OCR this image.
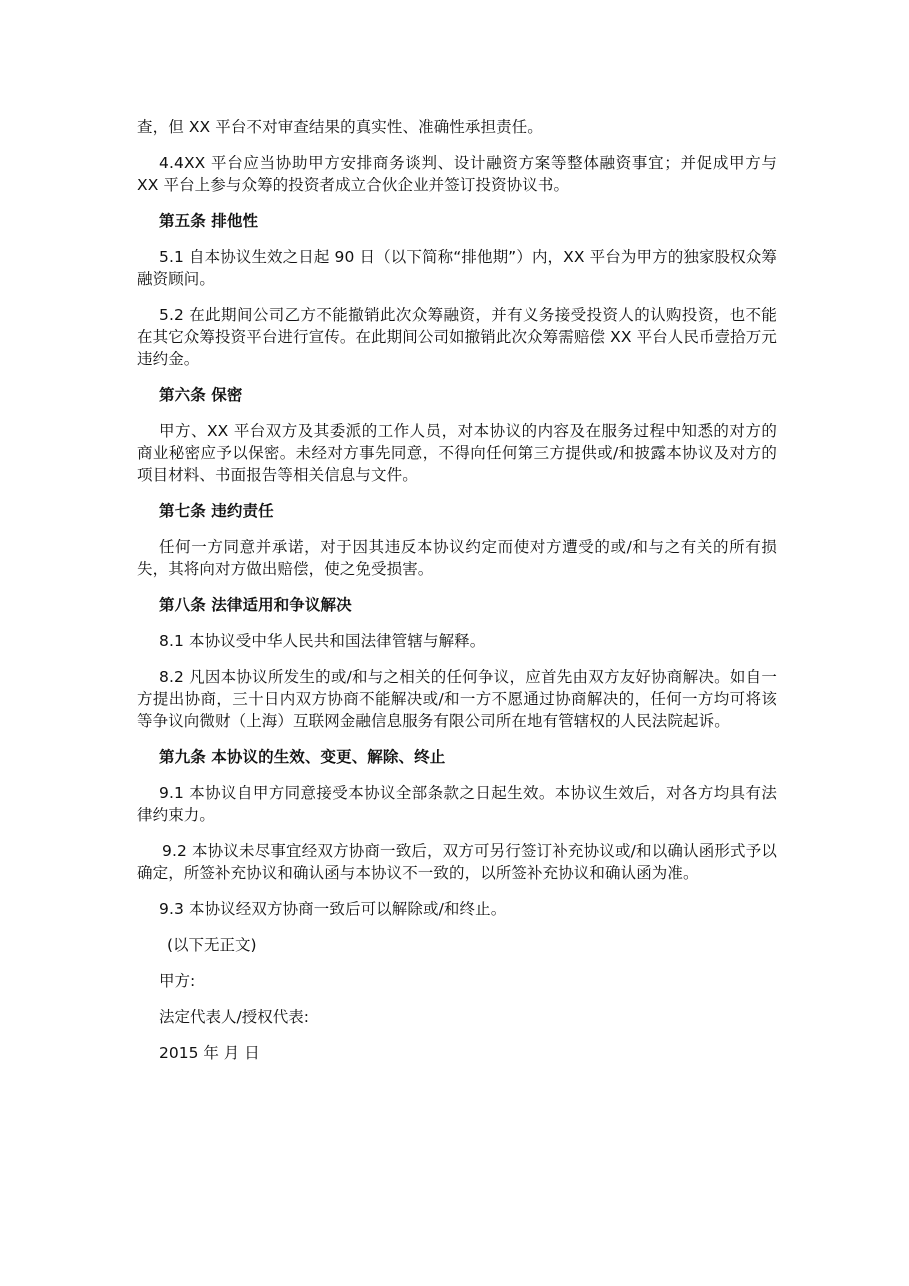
查，但 XX 平台不对审查结果的真实性、准确性承担责任。

4.4XX 平台应当协助甲方安排商务谈判、设计融资方案等整体融资事宜；并促成甲方与 XX 平台上参与众筹的投资者成立合伙企业并签订投资协议书。

第五条 排他性

5.1 自本协议生效之日起 90 日（以下简称“排他期”）内，XX 平台为甲方的独家股权众筹融资顾问。

5.2 在此期间公司乙方不能撤销此次众筹融资，并有义务接受投资人的认购投资，也不能在其它众筹投资平台进行宣传。在此期间公司如撤销此次众筹需赔偿 XX 平台人民币壹拾万元违约金。

第六条 保密

甲方、XX 平台双方及其委派的工作人员，对本协议的内容及在服务过程中知悉的对方的商业秘密应予以保密。未经对方事先同意，不得向任何第三方提供或/和披露本协议及对方的项目材料、书面报告等相关信息与文件。

第七条 违约责任

任何一方同意并承诺，对于因其违反本协议约定而使对方遭受的或/和与之有关的所有损失，其将向对方做出赔偿，使之免受损害。

第八条 法律适用和争议解决

8.1 本协议受中华人民共和国法律管辖与解释。

8.2 凡因本协议所发生的或/和与之相关的任何争议，应首先由双方友好协商解决。如自一方提出协商，三十日内双方协商不能解决或/和一方不愿通过协商解决的，任何一方均可将该等争议向微财（上海）互联网金融信息服务有限公司所在地有管辖权的人民法院起诉。

第九条 本协议的生效、变更、解除、终止

9.1 本协议自甲方同意接受本协议全部条款之日起生效。本协议生效后，对各方均具有法律约束力。

9.2 本协议未尽事宜经双方协商一致后，双方可另行签订补充协议或/和以确认函形式予以确定，所签补充协议和确认函与本协议不一致的，以所签补充协议和确认函为准。

9.3 本协议经双方协商一致后可以解除或/和终止。

(以下无正文)

甲方:

法定代表人/授权代表:

2015 年 月 日
